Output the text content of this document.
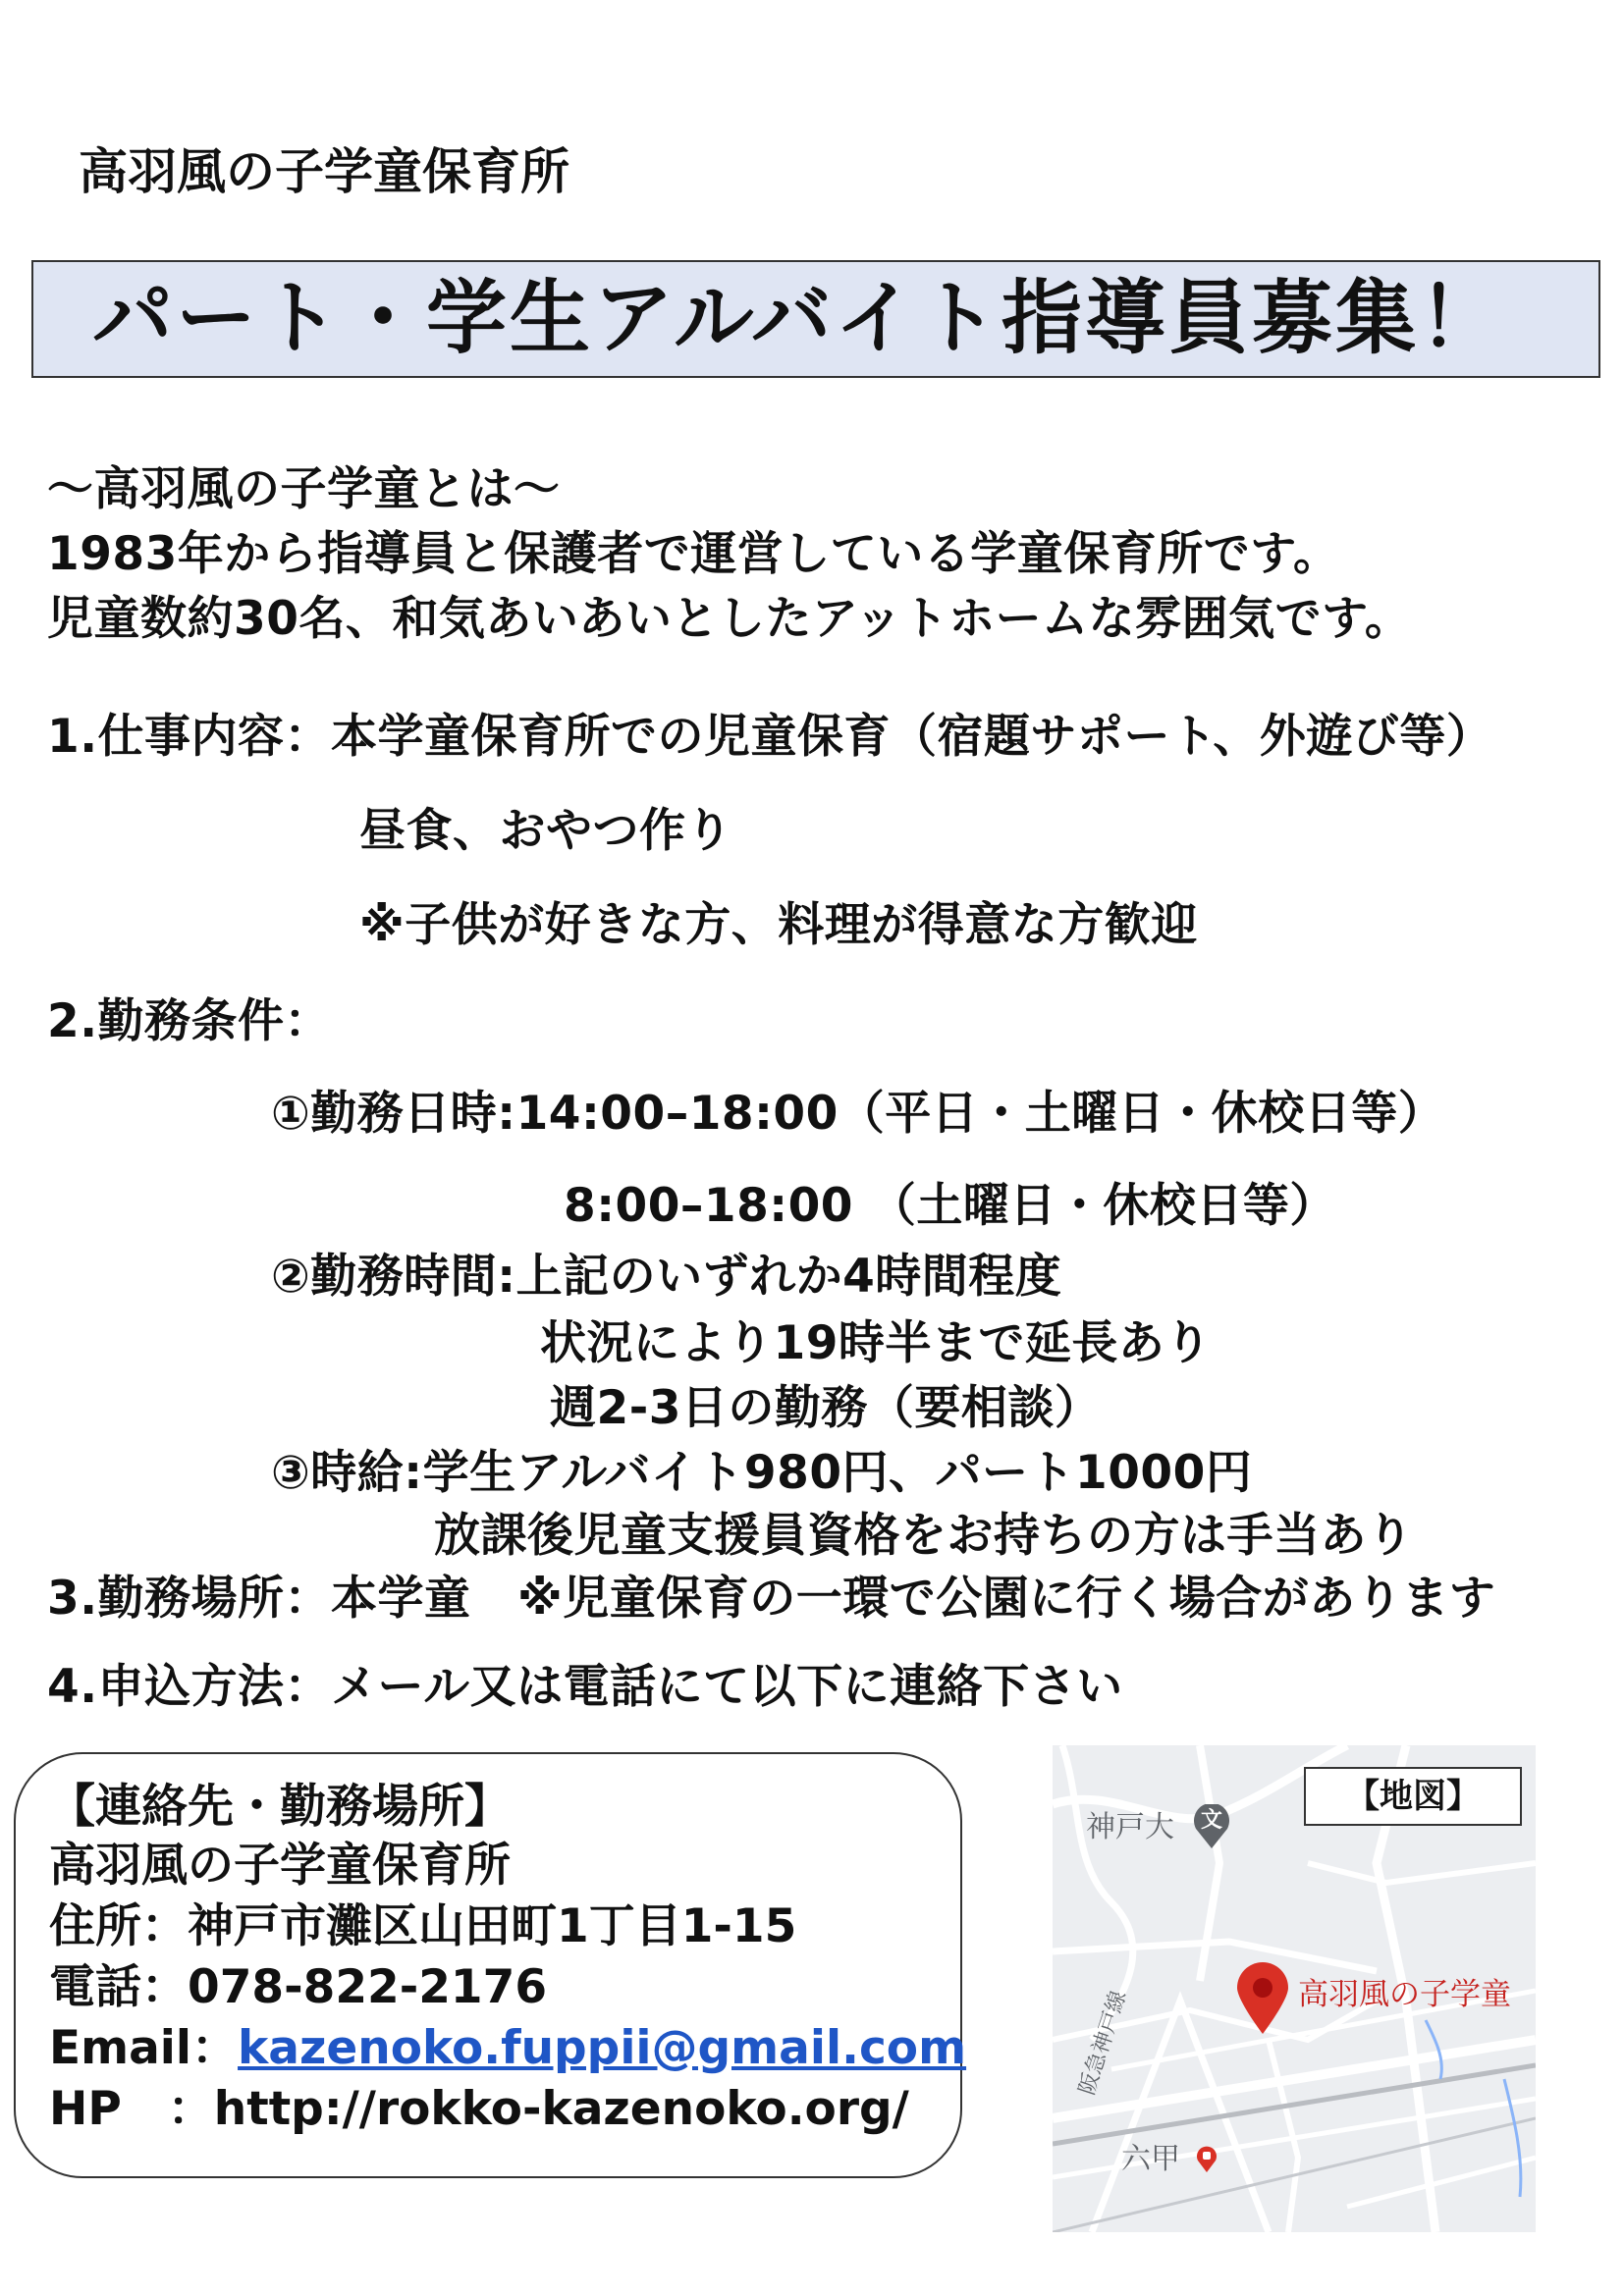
高羽風の子学童保育所
パート・学生アルバイト指導員募集！
〜高羽風の子学童とは〜
1983年から指導員と保護者で運営している学童保育所です。
児童数約30名、和気あいあいとしたアットホームな雰囲気です。
1.仕事内容：本学童保育所での児童保育（宿題サポート、外遊び等）
昼食、おやつ作り
※子供が好きな方、料理が得意な方歓迎
2.勤務条件：
①勤務日時:14:00–18:00（平日・土曜日・休校日等）
8:00–18:00 （土曜日・休校日等）
②勤務時間:上記のいずれか4時間程度
状況により19時半まで延長あり
週2‐3日の勤務（要相談）
③時給:学生アルバイト980円、パート1000円
放課後児童支援員資格をお持ちの方は手当あり
3.勤務場所：本学童　※児童保育の一環で公園に行く場合があります
4.申込方法：メール又は電話にて以下に連絡下さい
【連絡先・勤務場所】
高羽風の子学童保育所
住所：神戸市灘区山田町1丁目1-15
電話：078-822-2176
Email：kazenoko.fuppii@gmail.com
HP　：http://rokko-kazenoko.org/
【地図】
神戸大	文
高羽風の子学童
阪急神戸線
六甲
